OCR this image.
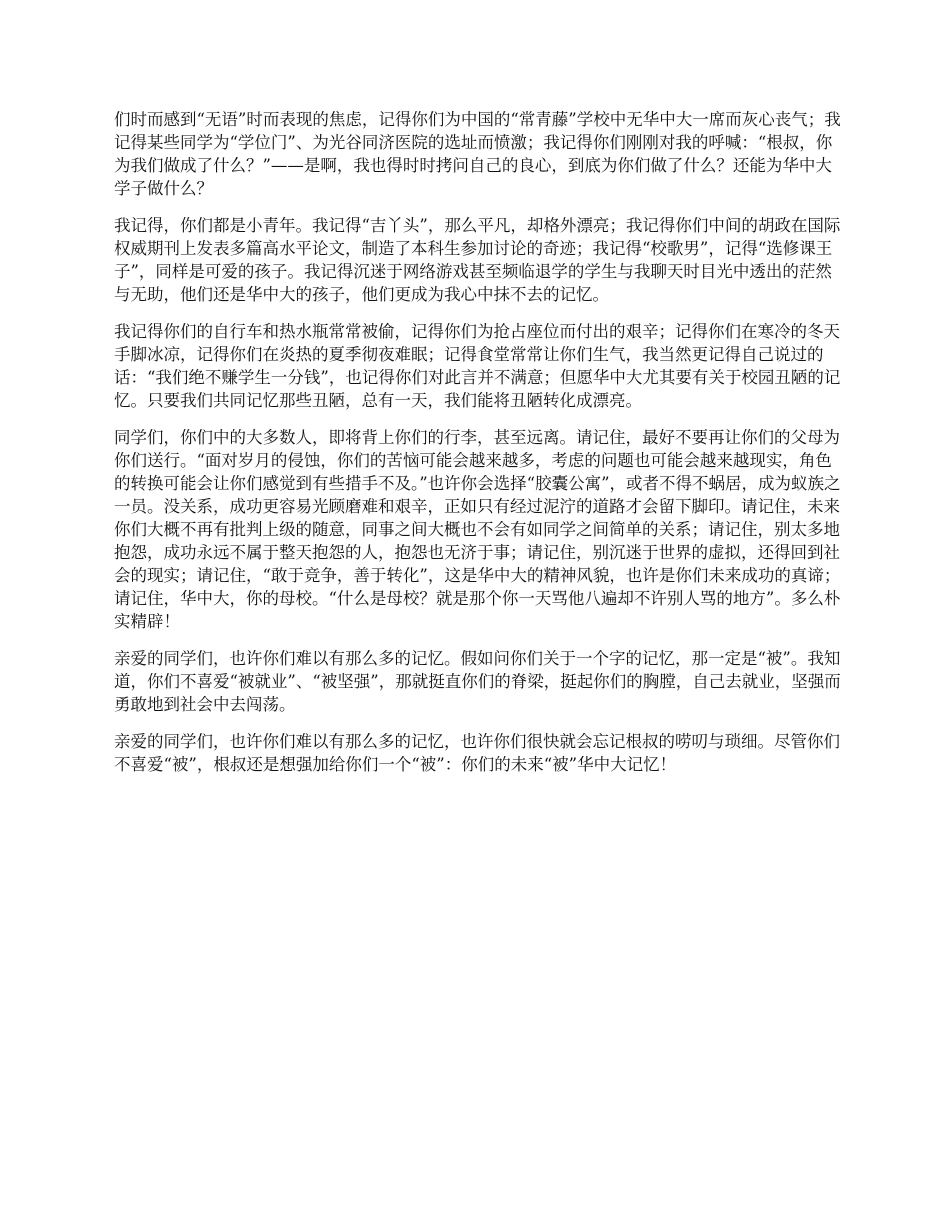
们时而感到“无语”时而表现的焦虑，记得你们为中国的“常青藤”学校中无华中大一席而灰心丧气；我记得某些同学为“学位门”、为光谷同济医院的选址而愤激；我记得你们刚刚对我的呼喊：“根叔，你为我们做成了什么？”——是啊，我也得时时拷问自己的良心，到底为你们做了什么？还能为华中大学子做什么？

我记得，你们都是小青年。我记得“吉丫头”，那么平凡，却格外漂亮；我记得你们中间的胡政在国际权威期刊上发表多篇高水平论文，制造了本科生参加讨论的奇迹；我记得“校歌男”，记得“选修课王子”，同样是可爱的孩子。我记得沉迷于网络游戏甚至频临退学的学生与我聊天时目光中透出的茫然与无助，他们还是华中大的孩子，他们更成为我心中抹不去的记忆。

我记得你们的自行车和热水瓶常常被偷，记得你们为抢占座位而付出的艰辛；记得你们在寒冷的冬天手脚冰凉，记得你们在炎热的夏季彻夜难眠；记得食堂常常让你们生气，我当然更记得自己说过的话：“我们绝不赚学生一分钱”，也记得你们对此言并不满意；但愿华中大尤其要有关于校园丑陋的记忆。只要我们共同记忆那些丑陋，总有一天，我们能将丑陋转化成漂亮。

同学们，你们中的大多数人，即将背上你们的行李，甚至远离。请记住，最好不要再让你们的父母为你们送行。“面对岁月的侵蚀，你们的苦恼可能会越来越多，考虑的问题也可能会越来越现实，角色的转换可能会让你们感觉到有些措手不及。”也许你会选择“胶囊公寓”，或者不得不蜗居，成为蚁族之一员。没关系，成功更容易光顾磨难和艰辛，正如只有经过泥泞的道路才会留下脚印。请记住，未来你们大概不再有批判上级的随意，同事之间大概也不会有如同学之间简单的关系；请记住，别太多地抱怨，成功永远不属于整天抱怨的人，抱怨也无济于事；请记住，别沉迷于世界的虚拟，还得回到社会的现实；请记住，“敢于竞争，善于转化”，这是华中大的精神风貌，也许是你们未来成功的真谛；请记住，华中大，你的母校。“什么是母校？就是那个你一天骂他八遍却不许别人骂的地方”。多么朴实精辟！

亲爱的同学们，也许你们难以有那么多的记忆。假如问你们关于一个字的记忆，那一定是“被”。我知道，你们不喜爱“被就业”、“被坚强”，那就挺直你们的脊梁，挺起你们的胸膛，自己去就业，坚强而勇敢地到社会中去闯荡。

亲爱的同学们，也许你们难以有那么多的记忆，也许你们很快就会忘记根叔的唠叨与琐细。尽管你们不喜爱“被”，根叔还是想强加给你们一个“被”：你们的未来“被”华中大记忆！
